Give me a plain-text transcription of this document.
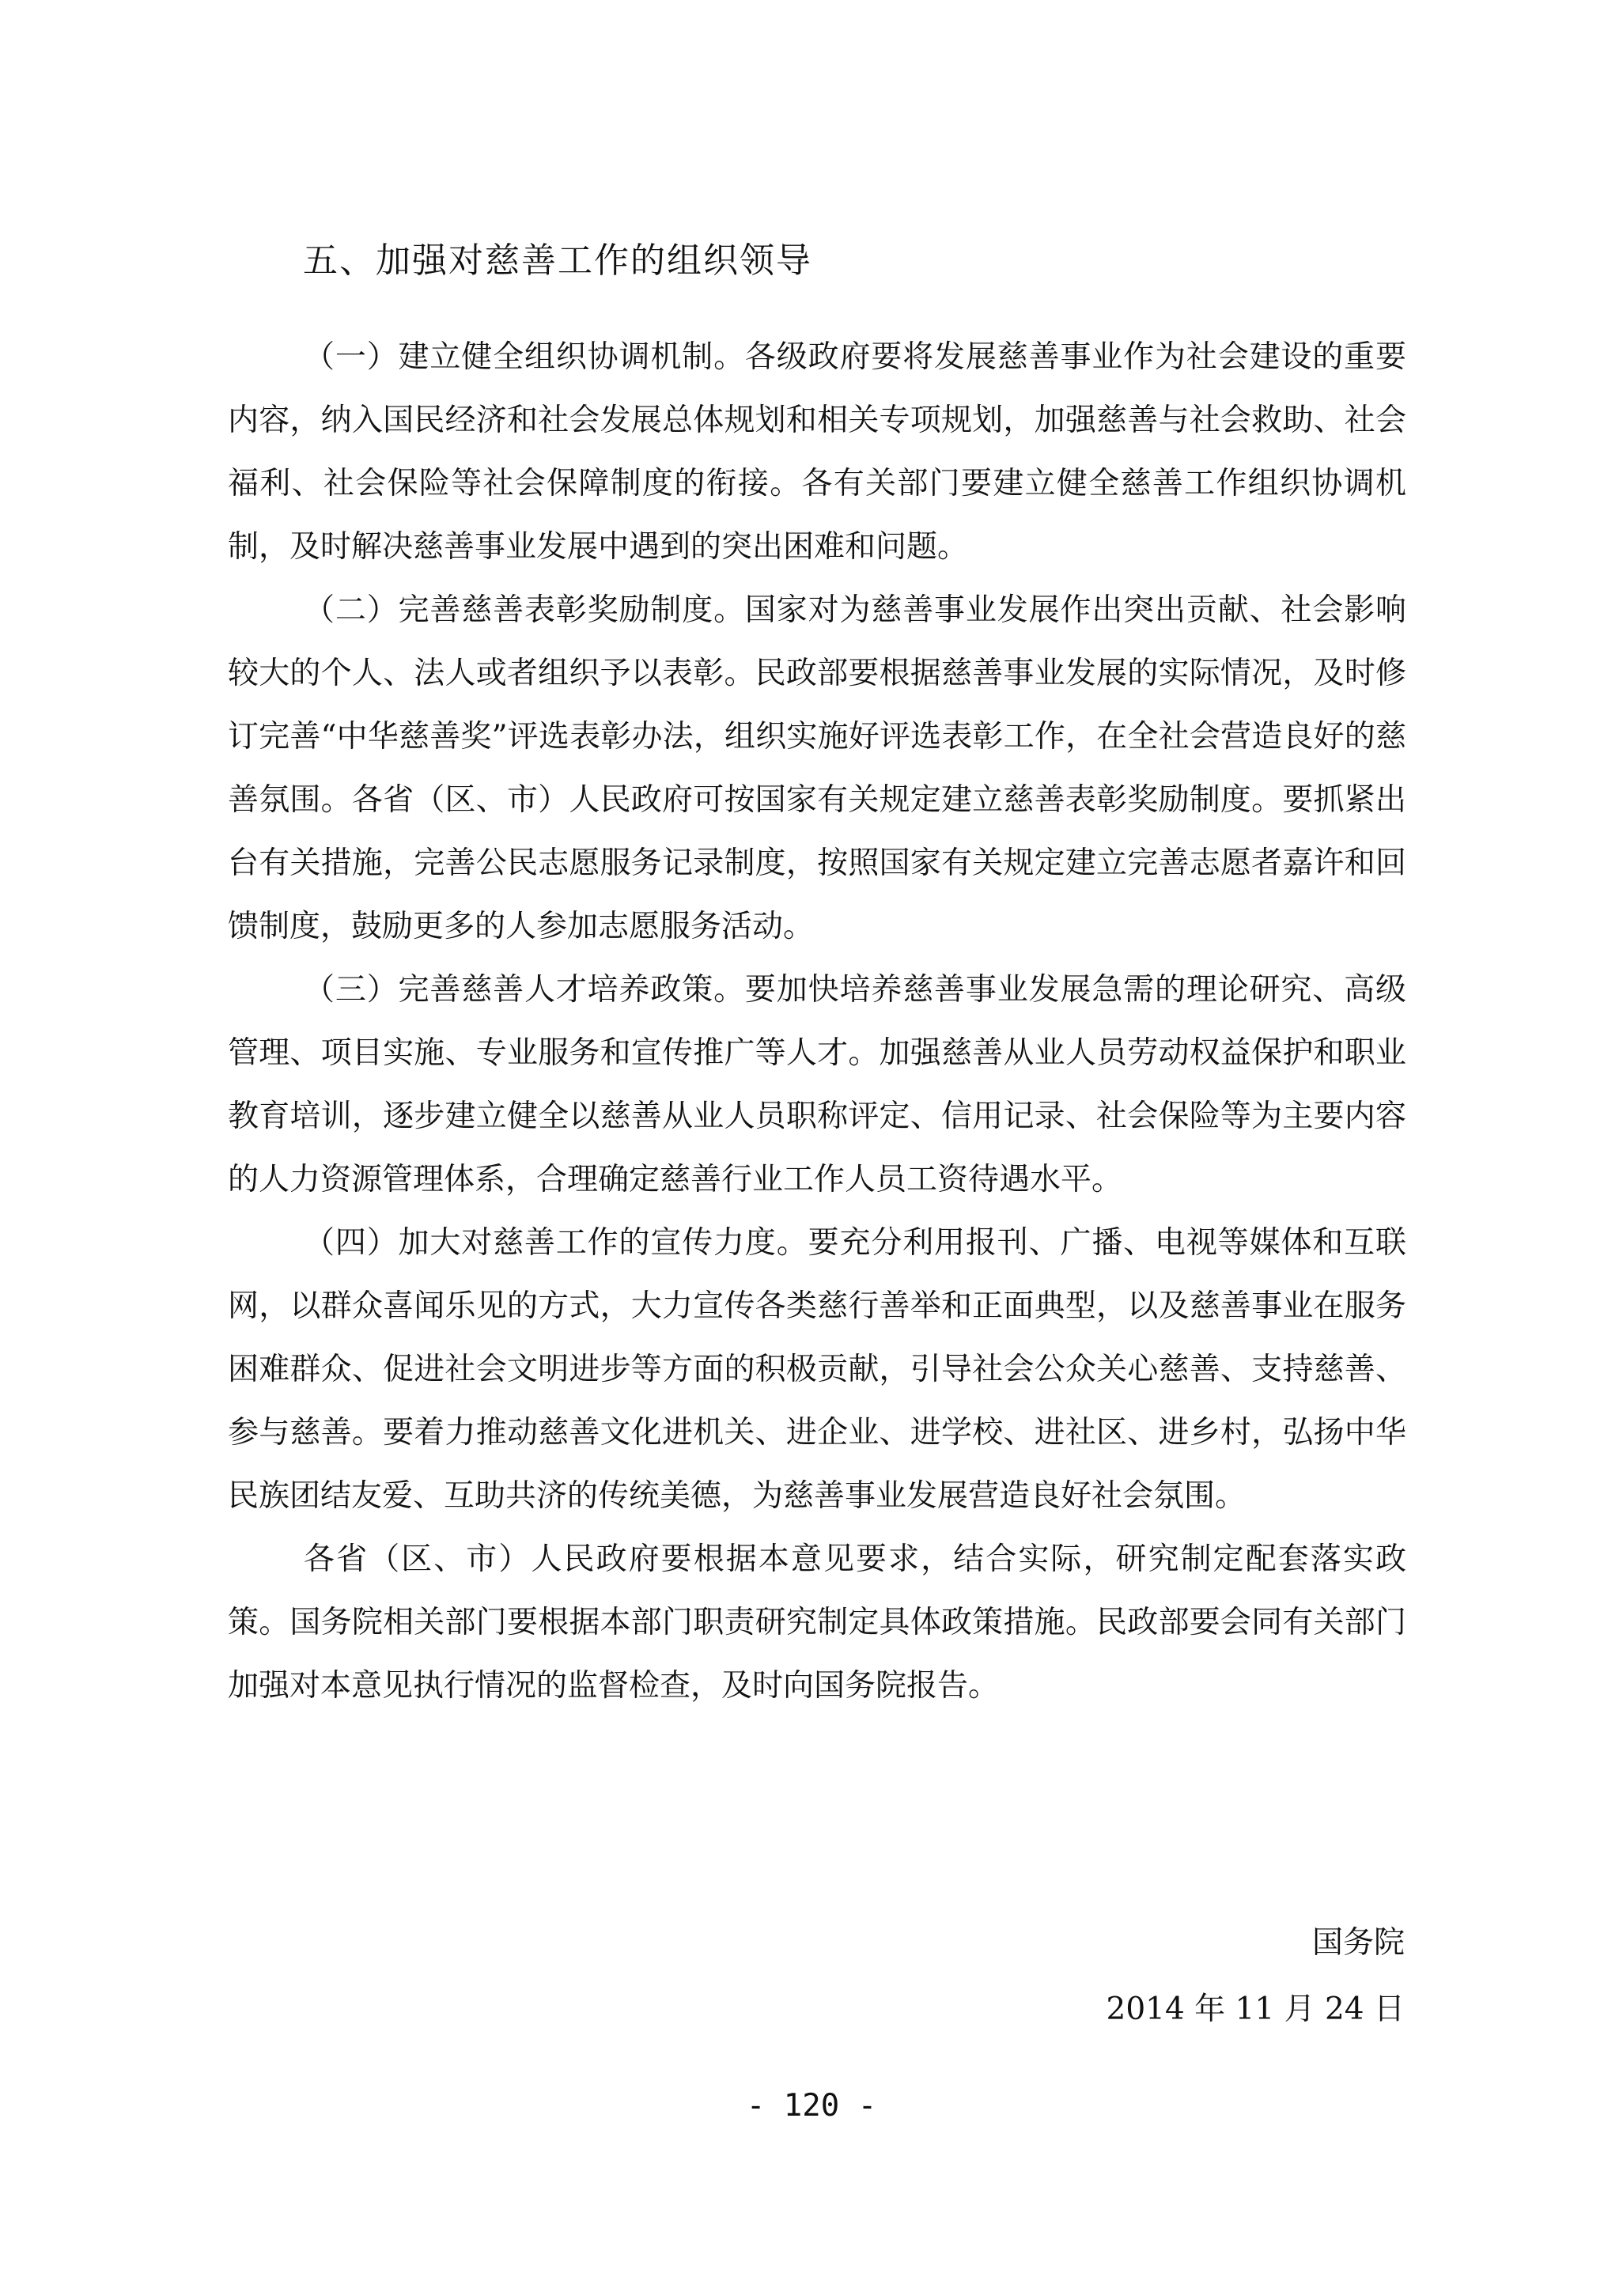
五、加强对慈善工作的组织领导

（一）建立健全组织协调机制。各级政府要将发展慈善事业作为社会建设的重要内容，纳入国民经济和社会发展总体规划和相关专项规划，加强慈善与社会救助、社会福利、社会保险等社会保障制度的衔接。各有关部门要建立健全慈善工作组织协调机制，及时解决慈善事业发展中遇到的突出困难和问题。

（二）完善慈善表彰奖励制度。国家对为慈善事业发展作出突出贡献、社会影响较大的个人、法人或者组织予以表彰。民政部要根据慈善事业发展的实际情况，及时修订完善“中华慈善奖”评选表彰办法，组织实施好评选表彰工作，在全社会营造良好的慈善氛围。各省（区、市）人民政府可按国家有关规定建立慈善表彰奖励制度。要抓紧出台有关措施，完善公民志愿服务记录制度，按照国家有关规定建立完善志愿者嘉许和回馈制度，鼓励更多的人参加志愿服务活动。

（三）完善慈善人才培养政策。要加快培养慈善事业发展急需的理论研究、高级管理、项目实施、专业服务和宣传推广等人才。加强慈善从业人员劳动权益保护和职业教育培训，逐步建立健全以慈善从业人员职称评定、信用记录、社会保险等为主要内容的人力资源管理体系，合理确定慈善行业工作人员工资待遇水平。

（四）加大对慈善工作的宣传力度。要充分利用报刊、广播、电视等媒体和互联网，以群众喜闻乐见的方式，大力宣传各类慈行善举和正面典型，以及慈善事业在服务困难群众、促进社会文明进步等方面的积极贡献，引导社会公众关心慈善、支持慈善、参与慈善。要着力推动慈善文化进机关、进企业、进学校、进社区、进乡村，弘扬中华民族团结友爱、互助共济的传统美德，为慈善事业发展营造良好社会氛围。

各省（区、市）人民政府要根据本意见要求，结合实际，研究制定配套落实政策。国务院相关部门要根据本部门职责研究制定具体政策措施。民政部要会同有关部门加强对本意见执行情况的监督检查，及时向国务院报告。

国务院
2014 年 11 月 24 日
- 120 -
